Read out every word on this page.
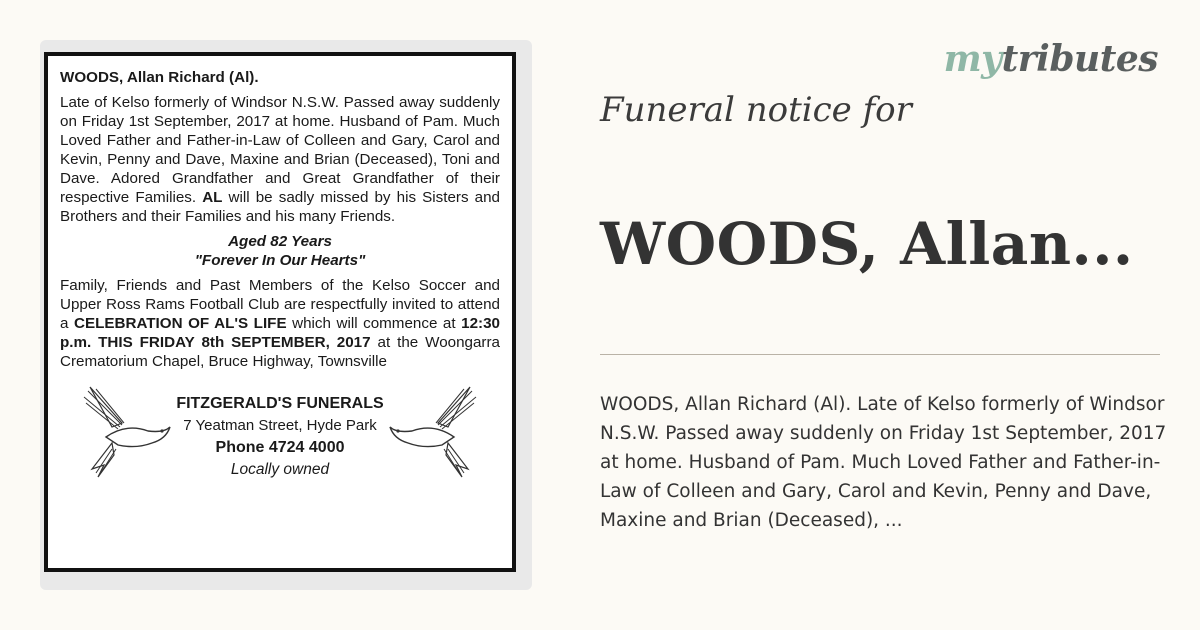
WOODS, Allan Richard (Al).

Late of Kelso formerly of Windsor N.S.W. Passed away suddenly on Friday 1st September, 2017 at home. Husband of Pam. Much Loved Father and Father-in-Law of Colleen and Gary, Carol and Kevin, Penny and Dave, Maxine and Brian (Deceased), Toni and Dave. Adored Grandfather and Great Grandfather of their respective Families. AL will be sadly missed by his Sisters and Brothers and their Families and his many Friends.

Aged 82 Years
"Forever In Our Hearts"

Family, Friends and Past Members of the Kelso Soccer and Upper Ross Rams Football Club are respectfully invited to attend a CELEBRATION OF AL'S LIFE which will commence at 12:30 p.m. THIS FRIDAY 8th SEPTEMBER, 2017 at the Woongarra Crematorium Chapel, Bruce Highway, Townsville

FITZGERALD'S FUNERALS
7 Yeatman Street, Hyde Park
Phone 4724 4000
Locally owned
mytributes
Funeral notice for
WOODS, Allan...
WOODS, Allan Richard (Al). Late of Kelso formerly of Windsor N.S.W. Passed away suddenly on Friday 1st September, 2017 at home. Husband of Pam. Much Loved Father and Father-in- Law of Colleen and Gary, Carol and Kevin, Penny and Dave, Maxine and Brian (Deceased), ...
